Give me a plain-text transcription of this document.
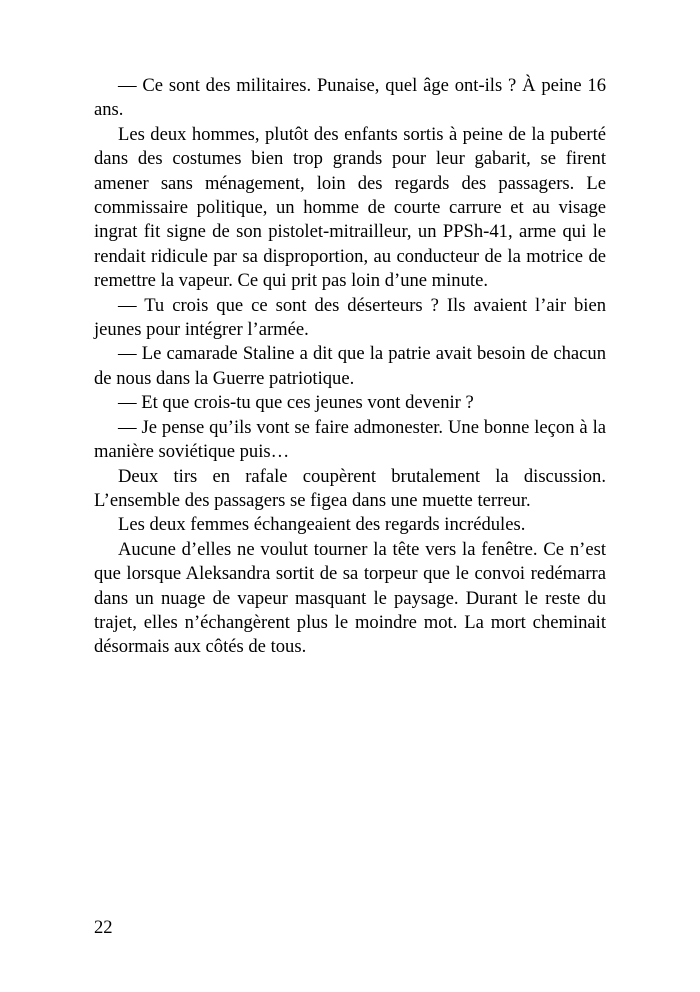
— Ce sont des militaires. Punaise, quel âge ont-ils ? À peine 16 ans.

Les deux hommes, plutôt des enfants sortis à peine de la puberté dans des costumes bien trop grands pour leur gabarit, se firent amener sans ménagement, loin des regards des passagers. Le commissaire politique, un homme de courte carrure et au visage ingrat fit signe de son pistolet-mitrailleur, un PPSh-41, arme qui le rendait ridicule par sa disproportion, au conducteur de la motrice de remettre la vapeur. Ce qui prit pas loin d’une minute.

— Tu crois que ce sont des déserteurs ? Ils avaient l’air bien jeunes pour intégrer l’armée.

— Le camarade Staline a dit que la patrie avait besoin de chacun de nous dans la Guerre patriotique.

— Et que crois-tu que ces jeunes vont devenir ?

— Je pense qu’ils vont se faire admonester. Une bonne leçon à la manière soviétique puis…

Deux tirs en rafale coupèrent brutalement la discussion. L’ensemble des passagers se figea dans une muette terreur.

Les deux femmes échangeaient des regards incrédules.

Aucune d’elles ne voulut tourner la tête vers la fenêtre. Ce n’est que lorsque Aleksandra sortit de sa torpeur que le convoi redémarra dans un nuage de vapeur masquant le paysage. Durant le reste du trajet, elles n’échangèrent plus le moindre mot. La mort cheminait désormais aux côtés de tous.

22
